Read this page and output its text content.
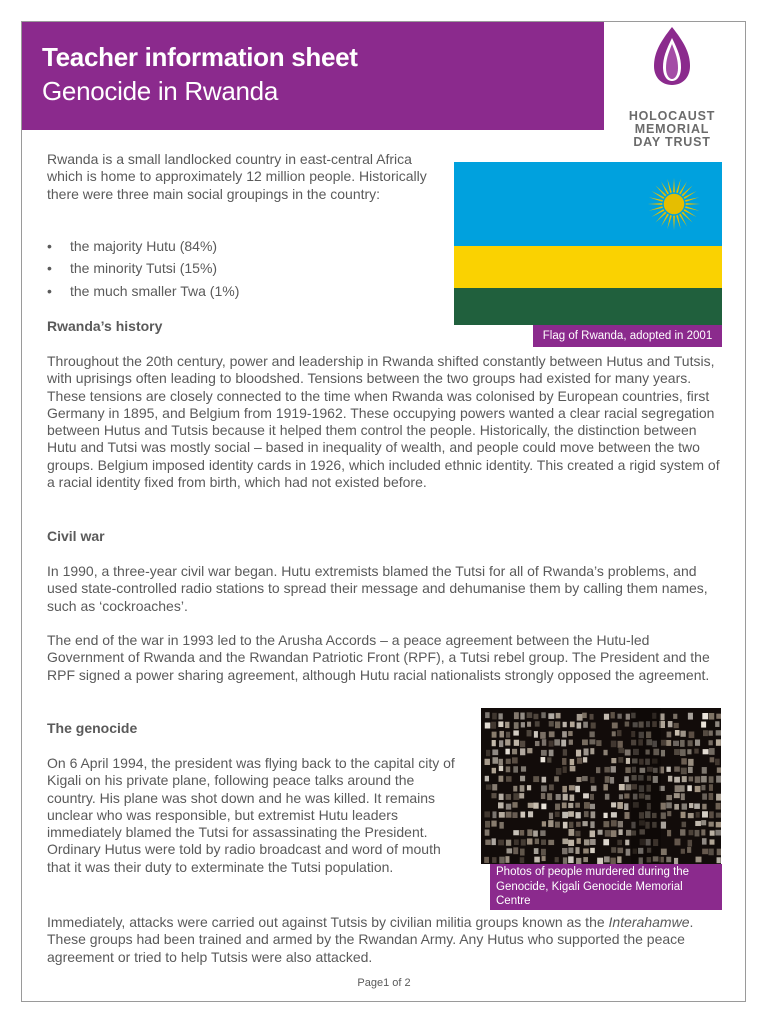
Teacher information sheet
Genocide in Rwanda
HOLOCAUST
MEMORIAL
DAY TRUST

Rwanda is a small landlocked country in east-central Africa which is home to approximately 12 million people. Historically there were three main social groupings in the country:

• the majority Hutu (84%)
• the minority Tutsi (15%)
• the much smaller Twa (1%)
Flag of Rwanda, adopted in 2001
Rwanda’s history

Throughout the 20th century, power and leadership in Rwanda shifted constantly between Hutus and Tutsis, with uprisings often leading to bloodshed. Tensions between the two groups had existed for many years. These tensions are closely connected to the time when Rwanda was colonised by European countries, first Germany in 1895, and Belgium from 1919-1962. These occupying powers wanted a clear racial segregation between Hutus and Tutsis because it helped them control the people. Historically, the distinction between Hutu and Tutsi was mostly social – based in inequality of wealth, and people could move between the two groups. Belgium imposed identity cards in 1926, which included ethnic identity. This created a rigid system of a racial identity fixed from birth, which had not existed before.

Civil war

In 1990, a three-year civil war began. Hutu extremists blamed the Tutsi for all of Rwanda’s problems, and used state-controlled radio stations to spread their message and dehumanise them by calling them names, such as ‘cockroaches’.

The end of the war in 1993 led to the Arusha Accords – a peace agreement between the Hutu-led Government of Rwanda and the Rwandan Patriotic Front (RPF), a Tutsi rebel group. The President and the RPF signed a power sharing agreement, although Hutu racial nationalists strongly opposed the agreement.

The genocide

On 6 April 1994, the president was flying back to the capital city of Kigali on his private plane, following peace talks around the country. His plane was shot down and he was killed. It remains unclear who was responsible, but extremist Hutu leaders immediately blamed the Tutsi for assassinating the President. Ordinary Hutus were told by radio broadcast and word of mouth that it was their duty to exterminate the Tutsi population.	Photos of people murdered during the Genocide, Kigali Genocide Memorial Centre

Immediately, attacks were carried out against Tutsis by civilian militia groups known as the Interahamwe. These groups had been trained and armed by the Rwandan Army. Any Hutus who supported the peace agreement or tried to help Tutsis were also attacked.

Page1 of 2
